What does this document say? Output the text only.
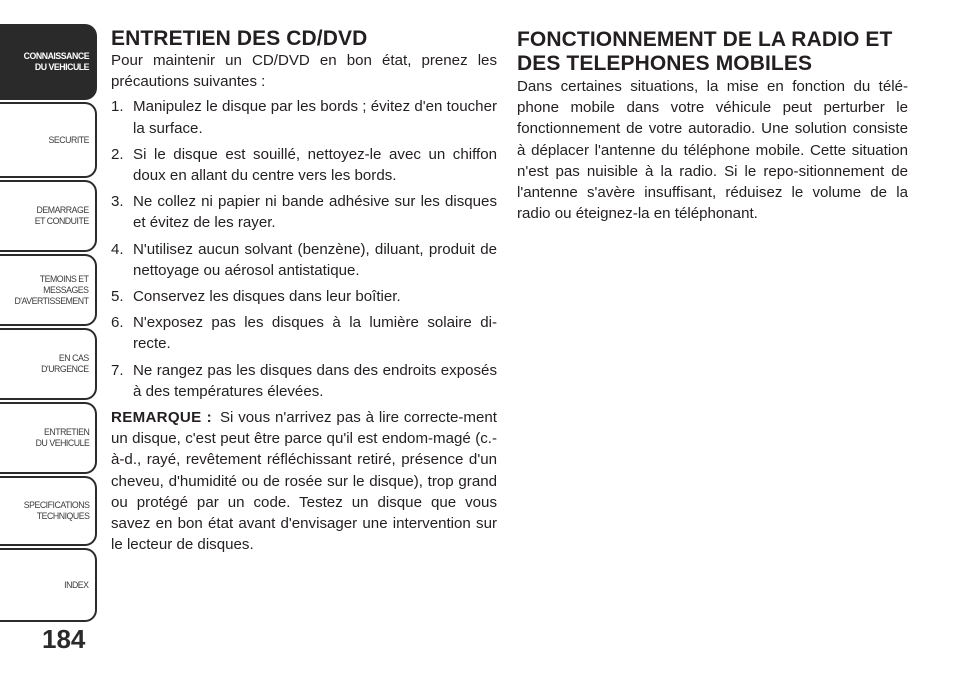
CONNAISSANCE
DU VEHICULE
SECURITE
DEMARRAGE
ET CONDUITE
TEMOINS ET
MESSAGES
D'AVERTISSEMENT
EN CAS
D'URGENCE
ENTRETIEN
DU VEHICULE
SPECIFICATIONS
TECHNIQUES
INDEX
184
ENTRETIEN DES CD/DVD

Pour maintenir un CD/DVD en bon état, prenez les précautions suivantes :

1. Manipulez le disque par les bords ; évitez d'en toucher la surface.
2. Si le disque est souillé, nettoyez-le avec un chiffon doux en allant du centre vers les bords.
3. Ne collez ni papier ni bande adhésive sur les disques et évitez de les rayer.
4. N'utilisez aucun solvant (benzène), diluant, produit de nettoyage ou aérosol antistatique.
5. Conservez les disques dans leur boîtier.
6. N'exposez pas les disques à la lumière solaire di-recte.
7. Ne rangez pas les disques dans des endroits exposés à des températures élevées.

REMARQUE : Si vous n'arrivez pas à lire correcte-ment un disque, c'est peut être parce qu'il est endom-magé (c.-à-d., rayé, revêtement réfléchissant retiré, présence d'un cheveu, d'humidité ou de rosée sur le disque), trop grand ou protégé par un code. Testez un disque que vous savez en bon état avant d'envisager une intervention sur le lecteur de disques.

FONCTIONNEMENT DE LA RADIO ET DES TELEPHONES MOBILES

Dans certaines situations, la mise en fonction du télé-phone mobile dans votre véhicule peut perturber le fonctionnement de votre autoradio. Une solution consiste à déplacer l'antenne du téléphone mobile. Cette situation n'est pas nuisible à la radio. Si le repo-sitionnement de l'antenne s'avère insuffisant, réduisez le volume de la radio ou éteignez-la en téléphonant.
